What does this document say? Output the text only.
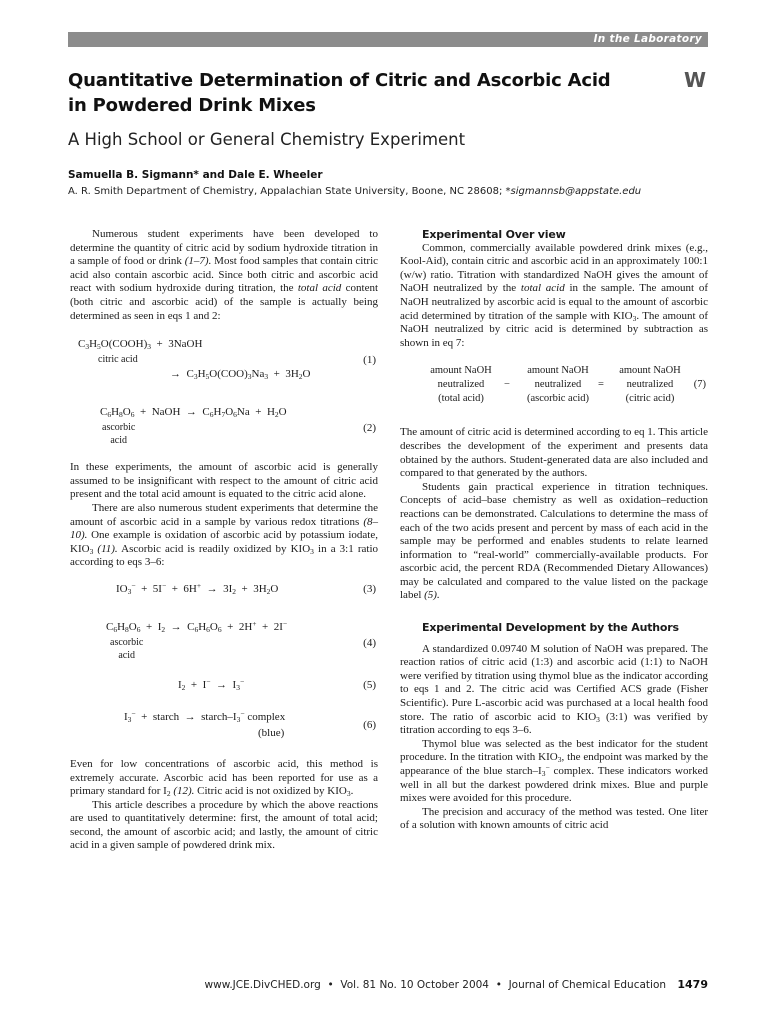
In the Laboratory
Quantitative Determination of Citric and Ascorbic Acid
in Powdered Drink Mixes
W
A High School or General Chemistry Experiment
Samuella B. Sigmann* and Dale E. Wheeler
A. R. Smith Department of Chemistry, Appalachian State University, Boone, NC 28608; *sigmannsb@appstate.edu

Numerous student experiments have been developed to determine the quantity of citric acid by sodium hydroxide titration in a sample of food or drink (1–7). Most food samples that contain citric acid also contain ascorbic acid. Since both citric and ascorbic acid react with sodium hydroxide during titration, the total acid content (both citric and ascorbic acid) of the sample is actually being determined as seen in eqs 1 and 2:

$C_3H_5O(COOH)_3$  +  3NaOH
citric acid
→  $C_3H_5O(COO)_3Na_3 + 3H_2O$
(1)
$C_6H_8O_6$  +  NaOH  →  $C_6H_7O_6Na + H_2O$
ascorbic
acid
(2)

In these experiments, the amount of ascorbic acid is generally assumed to be insignificant with respect to the amount of citric acid present and the total acid amount is equated to the citric acid alone.

There are also numerous student experiments that determine the amount of ascorbic acid in a sample by various redox titrations (8–10). One example is oxidation of ascorbic acid by potassium iodate, $KIO_3$ (11). Ascorbic acid is readily oxidized by $KIO_3$ in a 3:1 ratio according to eqs 3–6:

$IO_3^- + 5I^- + 6H^+ \to 3I_2 + 3H_2O$	(3)
$C_6H_8O_6 + I_2 \to C_6H_6O_6 + 2H^+ + 2I^-$
ascorbic
acid
(4)
$I_2 + I^- \to I_3^-$	(5)
$I_3^-$  +  starch  →  starch–$I_3^-$ complex
(blue)
(6)

Even for low concentrations of ascorbic acid, this method is extremely accurate. Ascorbic acid has been reported for use as a primary standard for $I_2$ (12). Citric acid is not oxidized by $KIO_3$.

This article describes a procedure by which the above reactions are used to quantitatively determine: first, the amount of total acid; second, the amount of ascorbic acid; and lastly, the amount of citric acid in a given sample of powdered drink mix.

Experimental Over view

Common, commercially available powdered drink mixes (e.g., Kool-Aid), contain citric and ascorbic acid in an approximately 100:1 (w/w) ratio. Titration with standardized NaOH gives the amount of NaOH neutralized by the total acid in the sample. The amount of NaOH neutralized by ascorbic acid is equal to the amount of ascorbic acid determined by titration of the sample with $KIO_3$. The amount of NaOH neutralized by citric acid is determined by subtraction as shown in eq 7:

amount NaOH
neutralized
(total acid)
−
amount NaOH
neutralized
(ascorbic acid)
=
amount NaOH
neutralized
(citric acid)
(7)

The amount of citric acid is determined according to eq 1. This article describes the development of the experiment and presents data obtained by the authors. Student-generated data are also included and compared to that generated by the authors.

Students gain practical experience in titration techniques. Concepts of acid–base chemistry as well as oxidation–reduction reactions can be demonstrated. Calculations to determine the mass of each of the two acids present and percent by mass of each acid in the sample may be performed and enables students to relate learned information to “real-world” commercially-available products. For ascorbic acid, the percent RDA (Recommended Dietary Allowances) may be calculated and compared to the value listed on the package label (5).

Experimental Development by the Authors

A standardized 0.09740 M solution of NaOH was prepared. The reaction ratios of citric acid (1:3) and ascorbic acid (1:1) to NaOH were verified by titration using thymol blue as the indicator according to eqs 1 and 2. The citric acid was Certified ACS grade (Fisher Scientific). Pure L-ascorbic acid was purchased at a local health food store. The ratio of ascorbic acid to $KIO_3$ (3:1) was verified by titration according to eqs 3–6.

Thymol blue was selected as the best indicator for the student procedure. In the titration with $KIO_3$, the endpoint was marked by the appearance of the blue starch–$I_3^-$ complex. These indicators worked well in all but the darkest powdered drink mixes. Blue and purple mixes were avoided for this procedure.

The precision and accuracy of the method was tested. One liter of a solution with known amounts of citric acid

www.JCE.DivCHED.org • Vol. 81 No. 10 October 2004 • Journal of Chemical Education 1479
